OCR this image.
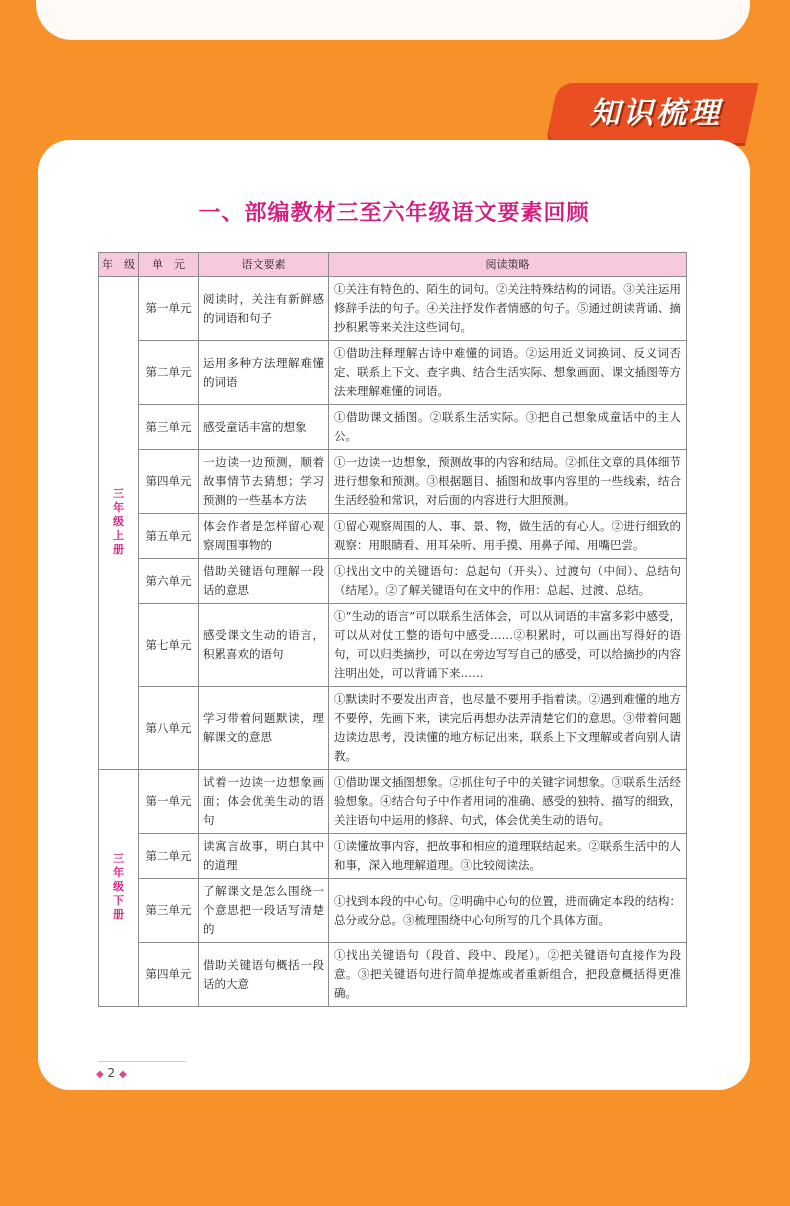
知识梳理
一、部编教材三至六年级语文要素回顾
年　级	单　元	语文要素	阅读策略
三年级上册	第一单元	阅读时，关注有新鲜感的词语和句子	①关注有特色的、陌生的词句。②关注特殊结构的词语。③关注运用修辞手法的句子。④关注抒发作者情感的句子。⑤通过朗读背诵、摘抄积累等来关注这些词句。
	第二单元	运用多种方法理解难懂的词语	①借助注释理解古诗中难懂的词语。②运用近义词换词、反义词否定、联系上下文、查字典、结合生活实际、想象画面、课文插图等方法来理解难懂的词语。
	第三单元	感受童话丰富的想象	①借助课文插图。②联系生活实际。③把自己想象成童话中的主人公。
	第四单元	一边读一边预测，顺着故事情节去猜想；学习预测的一些基本方法	①一边读一边想象，预测故事的内容和结局。②抓住文章的具体细节进行想象和预测。③根据题目、插图和故事内容里的一些线索，结合生活经验和常识，对后面的内容进行大胆预测。
	第五单元	体会作者是怎样留心观察周围事物的	①留心观察周围的人、事、景、物，做生活的有心人。②进行细致的观察：用眼睛看、用耳朵听、用手摸、用鼻子闻、用嘴巴尝。
	第六单元	借助关键语句理解一段话的意思	①找出文中的关键语句：总起句（开头）、过渡句（中间）、总结句（结尾）。②了解关键语句在文中的作用：总起、过渡、总结。
	第七单元	感受课文生动的语言，积累喜欢的语句	①“生动的语言”可以联系生活体会，可以从词语的丰富多彩中感受，可以从对仗工整的语句中感受……②积累时，可以画出写得好的语句，可以归类摘抄，可以在旁边写写自己的感受，可以给摘抄的内容注明出处，可以背诵下来……
	第八单元	学习带着问题默读，理解课文的意思	①默读时不要发出声音，也尽量不要用手指着读。②遇到难懂的地方不要停，先画下来，读完后再想办法弄清楚它们的意思。③带着问题边读边思考，没读懂的地方标记出来，联系上下文理解或者向别人请教。
三年级下册	第一单元	试着一边读一边想象画面；体会优美生动的语句	①借助课文插图想象。②抓住句子中的关键字词想象。③联系生活经验想象。④结合句子中作者用词的准确、感受的独特、描写的细致，关注语句中运用的修辞、句式，体会优美生动的语句。
	第二单元	读寓言故事，明白其中的道理	①读懂故事内容，把故事和相应的道理联结起来。②联系生活中的人和事，深入地理解道理。③比较阅读法。
	第三单元	了解课文是怎么围绕一个意思把一段话写清楚的	①找到本段的中心句。②明确中心句的位置，进而确定本段的结构：总分或分总。③梳理围绕中心句所写的几个具体方面。
	第四单元	借助关键语句概括一段话的大意	①找出关键语句（段首、段中、段尾）。②把关键语句直接作为段意。③把关键语句进行简单提炼或者重新组合，把段意概括得更准确。
◆ 2 ◆
